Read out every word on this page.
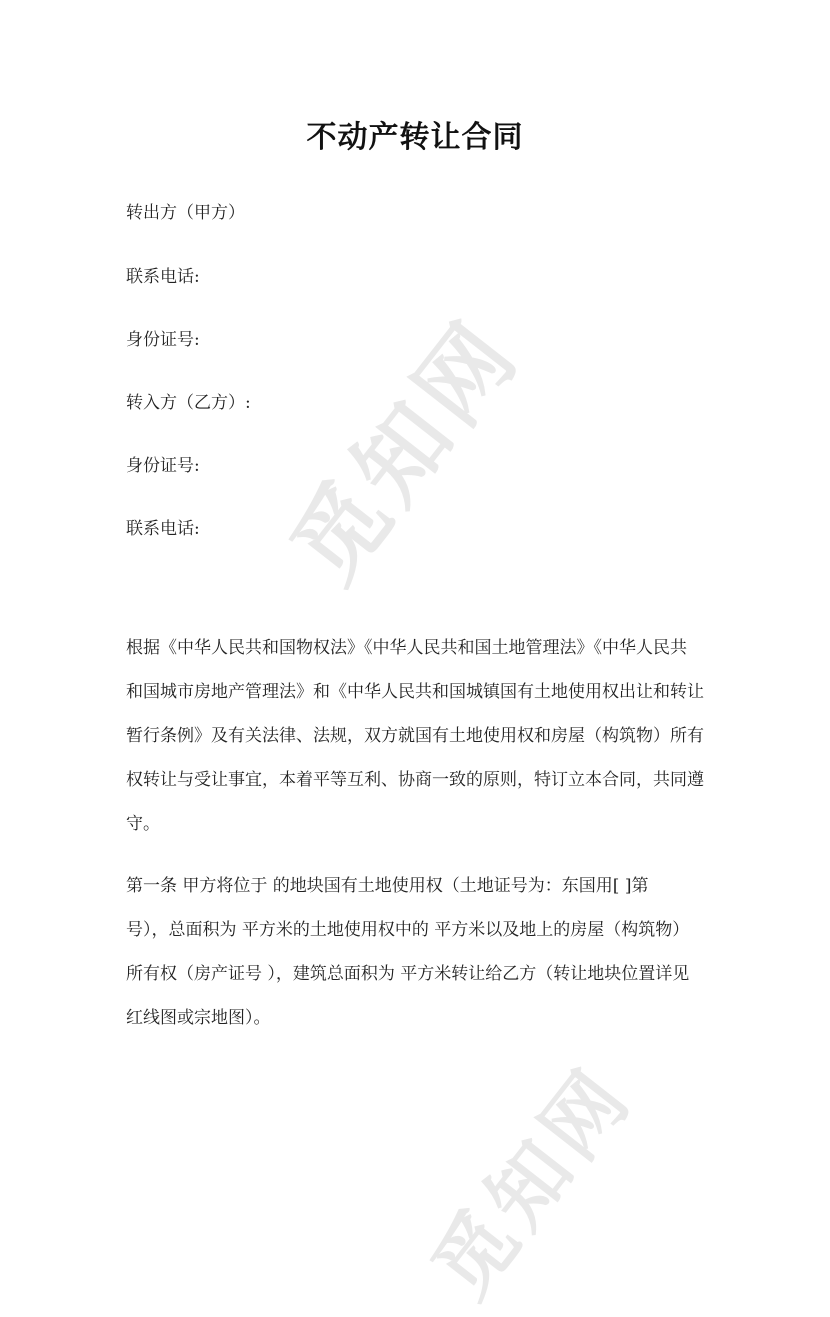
觅知网
觅知网
不动产转让合同
转出方（甲方）
联系电话:
身份证号:
转入方（乙方）:
身份证号:
联系电话:
根据《中华人民共和国物权法》《中华人民共和国土地管理法》《中华人民共
和国城市房地产管理法》和《中华人民共和国城镇国有土地使用权出让和转让
暂行条例》及有关法律、法规，双方就国有土地使用权和房屋（构筑物）所有
权转让与受让事宜，本着平等互利、协商一致的原则，特订立本合同，共同遵
守。
第一条 甲方将位于 的地块国有土地使用权（土地证号为：东国用[ ]第
号），总面积为 平方米的土地使用权中的 平方米以及地上的房屋（构筑物）
所有权（房产证号 ），建筑总面积为 平方米转让给乙方（转让地块位置详见
红线图或宗地图）。
